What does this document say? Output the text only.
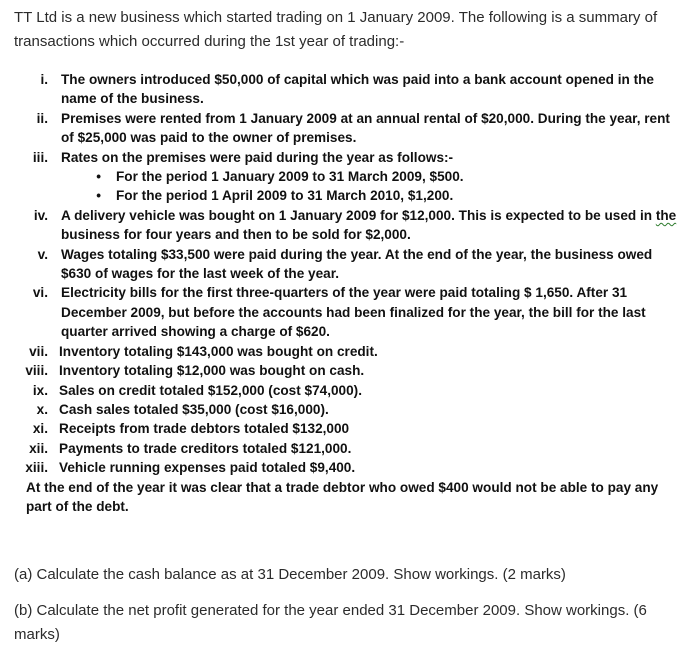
TT Ltd is a new business which started trading on 1 January 2009. The following is a summary of transactions which occurred during the 1st year of trading:-
i. The owners introduced $50,000 of capital which was paid into a bank account opened in the name of the business.
ii. Premises were rented from 1 January 2009 at an annual rental of $20,000. During the year, rent of $25,000 was paid to the owner of premises.
iii. Rates on the premises were paid during the year as follows:-
•	For the period 1 January 2009 to 31 March 2009, $500.
•	For the period 1 April 2009 to 31 March 2010, $1,200.
iv. A delivery vehicle was bought on 1 January 2009 for $12,000. This is expected to be used in the business for four years and then to be sold for $2,000.
v. Wages totaling $33,500 were paid during the year. At the end of the year, the business owed $630 of wages for the last week of the year.
vi. Electricity bills for the first three-quarters of the year were paid totaling $ 1,650. After 31 December 2009, but before the accounts had been finalized for the year, the bill for the last quarter arrived showing a charge of $620.
vii. Inventory totaling $143,000 was bought on credit.
viii. Inventory totaling $12,000 was bought on cash.
ix. Sales on credit totaled $152,000 (cost $74,000).
x. Cash sales totaled $35,000 (cost $16,000).
xi. Receipts from trade debtors totaled $132,000
xii. Payments to trade creditors totaled $121,000.
xiii. Vehicle running expenses paid totaled $9,400.
At the end of the year it was clear that a trade debtor who owed $400 would not be able to pay any part of the debt.
(a) Calculate the cash balance as at 31 December 2009. Show workings. (2 marks)
(b) Calculate the net profit generated for the year ended 31 December 2009. Show workings. (6 marks)
